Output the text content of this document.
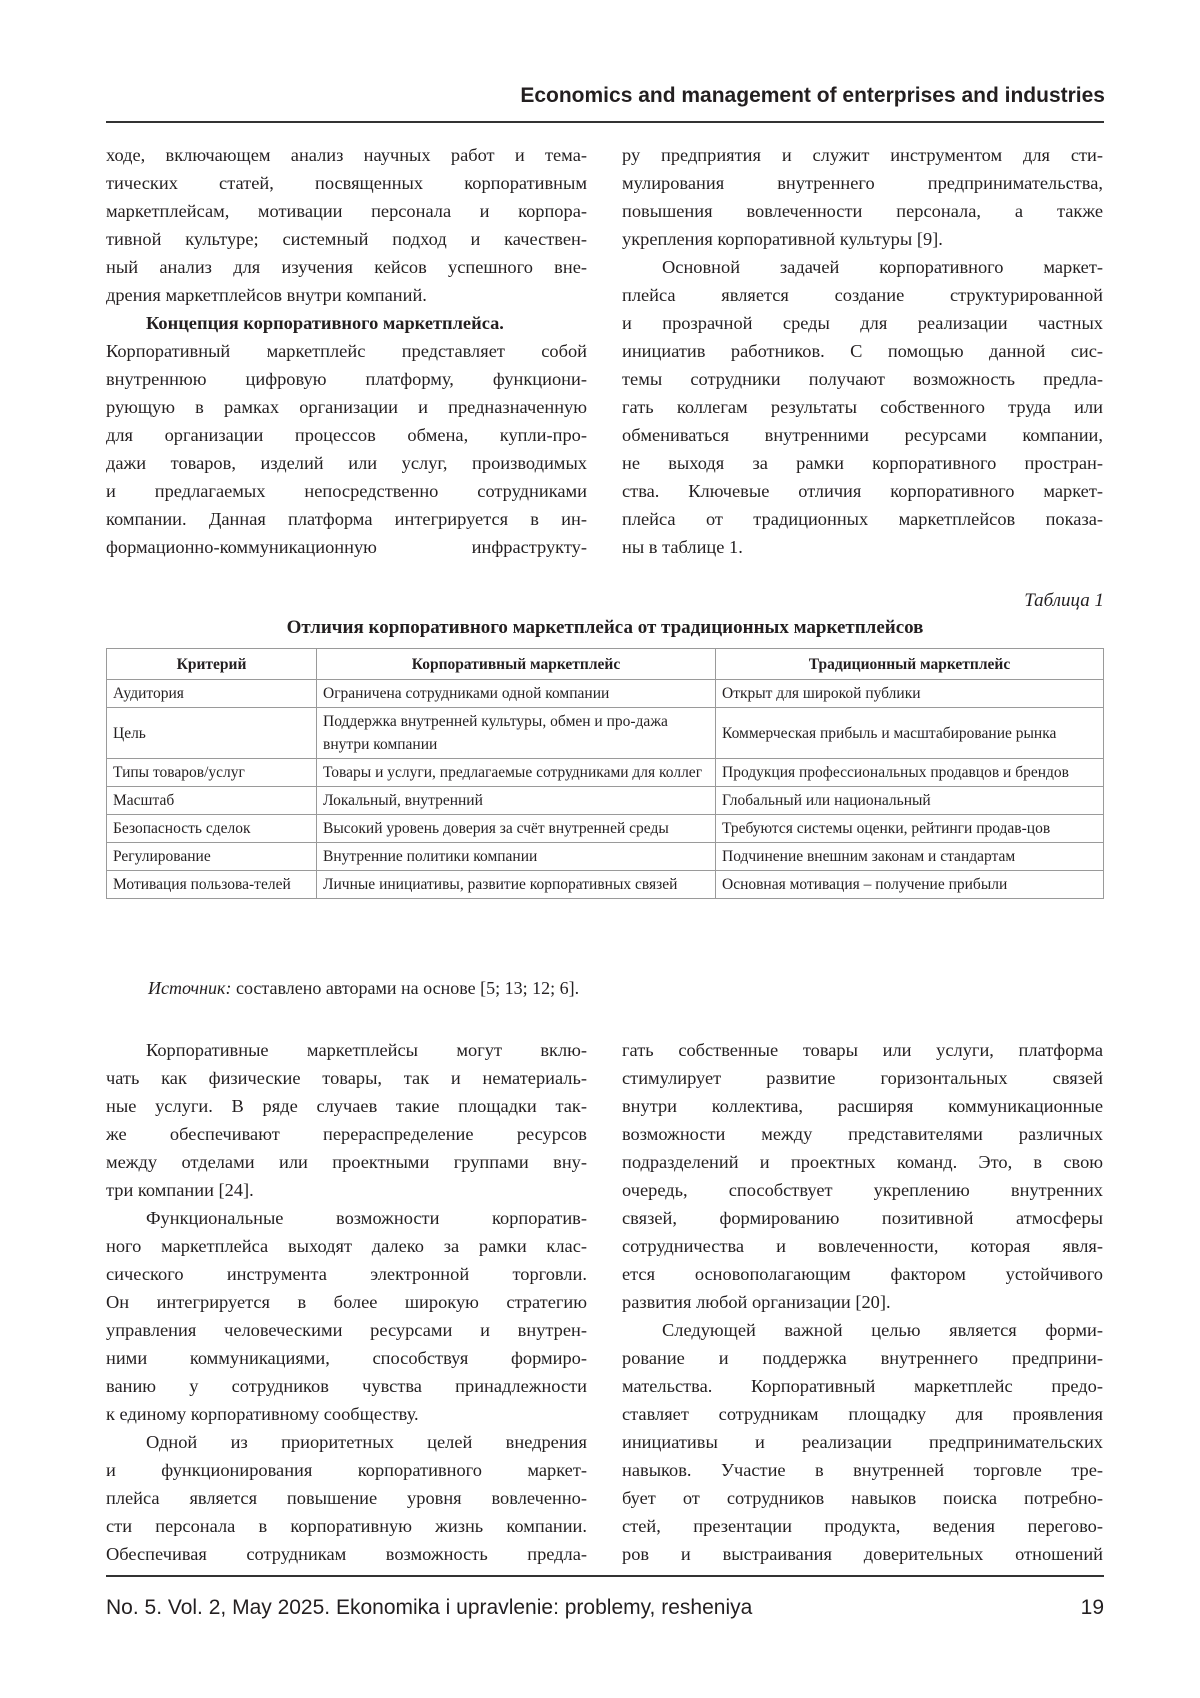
Economics and management of enterprises and industries
ходе, включающем анализ научных работ и тема-
тических статей, посвященных корпоративным
маркетплейсам, мотивации персонала и корпора-
тивной культуре; системный подход и качествен-
ный анализ для изучения кейсов успешного вне-
дрения маркетплейсов внутри компаний.
Концепция корпоративного маркетплейса.
Корпоративный маркетплейс представляет собой
внутреннюю цифровую платформу, функциони-
рующую в рамках организации и предназначенную
для организации процессов обмена, купли-про-
дажи товаров, изделий или услуг, производимых
и предлагаемых непосредственно сотрудниками
компании. Данная платформа интегрируется в ин-
формационно-коммуникационную инфраструкту-
ру предприятия и служит инструментом для сти-
мулирования внутреннего предпринимательства,
повышения вовлеченности персонала, а также
укрепления корпоративной культуры [9].
Основной задачей корпоративного маркет-
плейса является создание структурированной
и прозрачной среды для реализации частных
инициатив работников. С помощью данной сис-
темы сотрудники получают возможность предла-
гать коллегам результаты собственного труда или
обмениваться внутренними ресурсами компании,
не выходя за рамки корпоративного простран-
ства. Ключевые отличия корпоративного маркет-
плейса от традиционных маркетплейсов показа-
ны в таблице 1.
Таблица 1
Отличия корпоративного маркетплейса от традиционных маркетплейсов
Критерий	Корпоративный маркетплейс	Традиционный маркетплейс
Аудитория	Ограничена сотрудниками одной компании	Открыт для широкой публики
Цель	Поддержка внутренней культуры, обмен и про-дажа внутри компании	Коммерческая прибыль и масштабирование рынка
Типы товаров/услуг	Товары и услуги, предлагаемые сотрудниками для коллег	Продукция профессиональных продавцов и брендов
Масштаб	Локальный, внутренний	Глобальный или национальный
Безопасность сделок	Высокий уровень доверия за счёт внутренней среды	Требуются системы оценки, рейтинги продав-цов
Регулирование	Внутренние политики компании	Подчинение внешним законам и стандартам
Мотивация пользова-телей	Личные инициативы, развитие корпоративных связей	Основная мотивация – получение прибыли
Источник: составлено авторами на основе [5; 13; 12; 6].
Корпоративные маркетплейсы могут вклю-
чать как физические товары, так и нематериаль-
ные услуги. В ряде случаев такие площадки так-
же обеспечивают перераспределение ресурсов
между отделами или проектными группами вну-
три компании [24].
Функциональные возможности корпоратив-
ного маркетплейса выходят далеко за рамки клас-
сического инструмента электронной торговли.
Он интегрируется в более широкую стратегию
управления человеческими ресурсами и внутрен-
ними коммуникациями, способствуя формиро-
ванию у сотрудников чувства принадлежности
к единому корпоративному сообществу.
Одной из приоритетных целей внедрения
и функционирования корпоративного маркет-
плейса является повышение уровня вовлеченно-
сти персонала в корпоративную жизнь компании.
Обеспечивая сотрудникам возможность предла-
гать собственные товары или услуги, платформа
стимулирует развитие горизонтальных связей
внутри коллектива, расширяя коммуникационные
возможности между представителями различных
подразделений и проектных команд. Это, в свою
очередь, способствует укреплению внутренних
связей, формированию позитивной атмосферы
сотрудничества и вовлеченности, которая явля-
ется основополагающим фактором устойчивого
развития любой организации [20].
Следующей важной целью является форми-
рование и поддержка внутреннего предприни-
мательства. Корпоративный маркетплейс предо-
ставляет сотрудникам площадку для проявления
инициативы и реализации предпринимательских
навыков. Участие в внутренней торговле тре-
бует от сотрудников навыков поиска потребно-
стей, презентации продукта, ведения перегово-
ров и выстраивания доверительных отношений
No. 5. Vol. 2, May 2025. Ekonomika i upravlenie: problemy, resheniya	19
